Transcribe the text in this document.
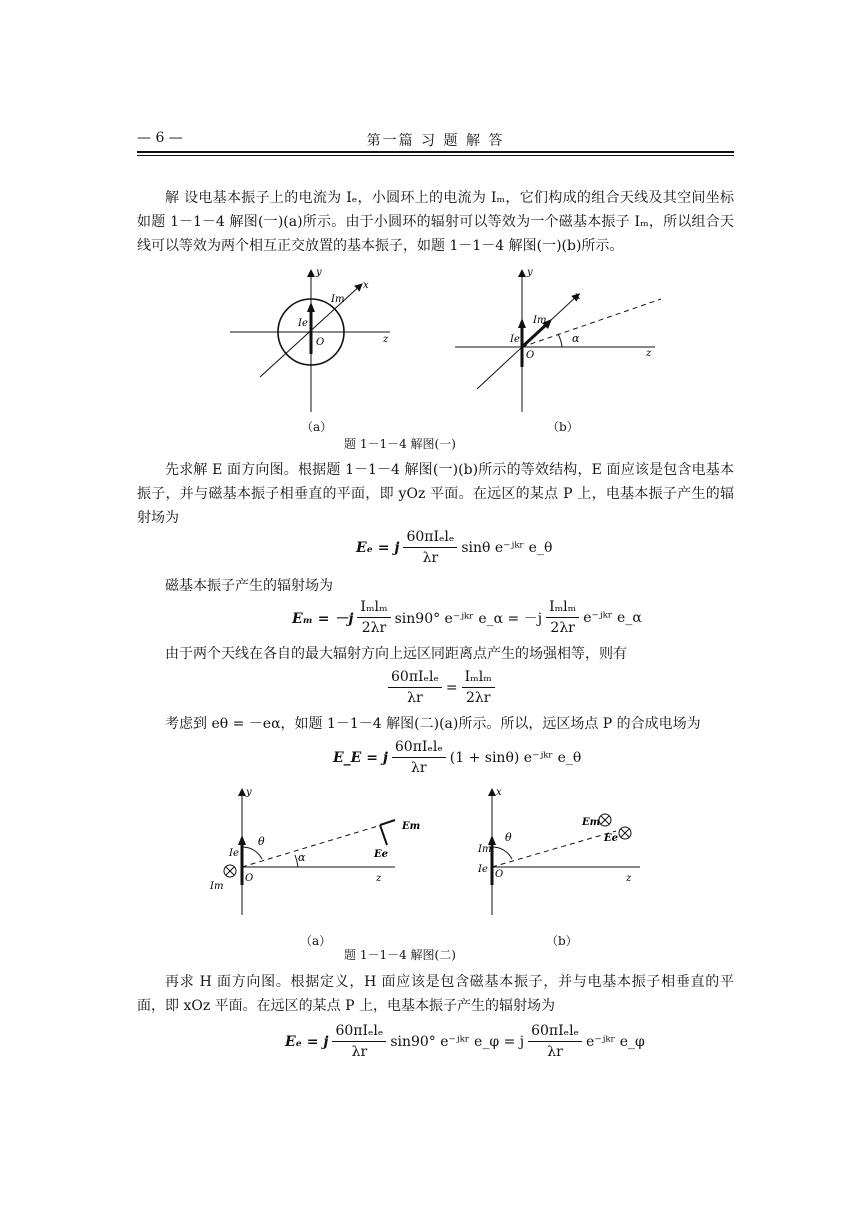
— 6 —	第一篇 习 题 解 答

解 设电基本振子上的电流为 Iₑ，小圆环上的电流为 Iₘ，它们构成的组合天线及其空间坐标如题 1－1－4 解图(一)(a)所示。由于小圆环的辐射可以等效为一个磁基本振子 Iₘ，所以组合天线可以等效为两个相互正交放置的基本振子，如题 1－1－4 解图(一)(b)所示。

y
x
z
O
Ie
Im
y
x
z
O
Ie
Im
α
（a）	（b）
题 1－1－4 解图(一)

先求解 E 面方向图。根据题 1－1－4 解图(一)(b)所示的等效结构，E 面应该是包含电基本振子，并与磁基本振子相垂直的平面，即 yOz 平面。在远区的某点 P 上，电基本振子产生的辐射场为

Eₑ = j $\frac{\text{60πIₑlₑ}}{\lambda r}$ sinθ e⁻ʲᵏʳ e_θ

磁基本振子产生的辐射场为

$E_m = -j \frac{\text{Iₘlₘ}}{2\lambda r} \sin 90^\circ$ e⁻ʲᵏʳ e_α = $-j \frac{\text{Iₘlₘ}}{2\lambda r}$ e⁻ʲᵏʳ e_α

由于两个天线在各自的最大辐射方向上远区同距离点产生的场强相等，则有

$\frac{\text{60πIₑlₑ}}{\lambda r} = \frac{\text{Iₘlₘ}}{2\lambda r}$

考虑到 eθ = －eα，如题 1－1－4 解图(二)(a)所示。所以，远区场点 P 的合成电场为

E_E = j $\frac{\text{60πIₑlₑ}}{\lambda r} (1 + \sin\theta)$ e⁻ʲᵏʳ e_θ
y
z
O
Ie
Im
θ
α	Ee
Em
x
z
O
Im
Ie
θ
Em
Ee
（a）	（b）
题 1－1－4 解图(二)

再求 H 面方向图。根据定义，H 面应该是包含磁基本振子，并与电基本振子相垂直的平面，即 xOz 平面。在远区的某点 P 上，电基本振子产生的辐射场为

Eₑ = j $\frac{\text{60πIₑlₑ}}{\lambda r} \sin 90^\circ$ e⁻ʲᵏʳ e_φ = j $\frac{\text{60πIₑlₑ}}{\lambda r}$ e⁻ʲᵏʳ e_φ
